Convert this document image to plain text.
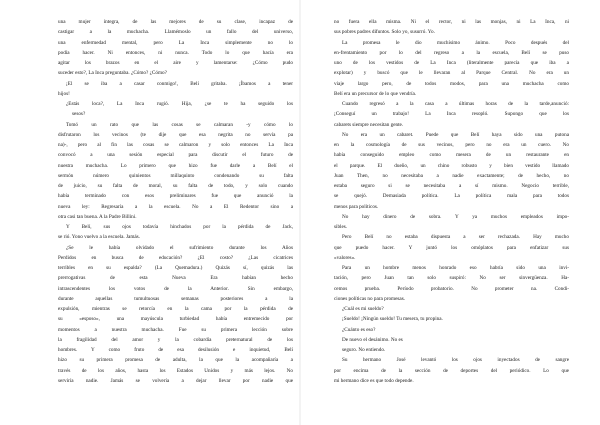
una mujer íntegra, de las mejores de su clase, incapaz de
castigar a la muchacha. Llamémoslo un fallo del universo,
una enfermedad mental, pero La Inca simplemente no lo
podía hacer. Ni entonces, ni nunca. Todo lo que hacía era
agitar los brazos en el aire y lamentarse: ¿Cómo pudo
suceder esto?, La Inca preguntaba. ¿Cómo? ¿Cómo?
¡El se iba a casar conmigo!, Belí gritaba. ¡Íbamos a tener
hijos!
¿Estás loca?, La Inca rugió. Hija, ¿se te ha seguido los
sesos?
Tomó un rato que las cosas se calmaran -y cómo lo
disfrutaron los vecinos (te dije que esa negrita no servía pa
na)-, pero al fin las cosas se calmaron y solo entonces La Inca
convocó a una sesión especial para discutir el futuro de
nuestra muchacha. Lo primero que hizo fue darle a Belí el
sermón número quinientos millaquinto condenando su falta
de juicio, su falta de moral, su falta de todo, y solo cuando
había terminado con esos preliminares fue que anunció la
nueva ley: Regresaría a la escuela. No a El Redentor sino a
otra casi tan buena. A la Padre Billini.
Y Belí, sus ojos todavía hinchados por la pérdida de Jack,
se rió. Yono vuelvo a la escuela. Jamás.
¿Se le había olvidado el sufrimiento durante los Años
Perdidos en busca de educación? ¿El costo? ¿Las cicatrices
terribles en su espalda? (La Quemadura.) Quizás sí, quizás las
prerrogativas de esta Nueva Era habían hecho
intrascendentes los votos de la Anterior. Sin embargo,
durante aquellas tumultuosas semanas posteriores a la
expulsión, mientras se retorcía en la cama por la pérdida de
su «esposo», una mayúscula turbiedad había entremecido por
momentos a nuestra muchacha. Fue su primera lección sobre
la fragilidad del amor y la cobardía preternatural de los
hombres. Y como fruto de esa desilusión e inquietud, Belí
hizo su primera promesa de adulta, la que la acompañaría a
través de los años, hasta los Estados Unidos y más lejos. No
serviría nadie. Jamás se volvería a dejar llevar por nadie que
no fuera ella misma. Ni el rector, ni las monjas, ni La Inca, ni
sus pobres padres difuntos. Solo yo, susurró. Yo.
La promesa le dio muchísimo ánimo. Poco después del
en-frentamiento por lo del regreso a la escuela, Belí se puso
uno de los vestidos de La Inca (literalmente parecía que iba a
explotar) y buscó que le llevaran al Parque Central. No era un
viaje largo pero, de todos modos, para una muchacha como
Belí era un precursor de lo que vendría.
Cuando regresó a la casa a últimas horas de la tarde,anunció:
¡Conseguí un trabajo! La Inca resopló. Supongo que los
cabarets siempre necesitan gente.
No era un cabaret. Puede que Belí haya sido una putona
en la cosmología de sus vecinos, pero no era un cuero. No
había conseguido empleo como mesera de un restaurante en
el parque. El dueño, un chino robusto y bien vestido llamado
Juan Then, no necesitaba a nadie exactamente; de hecho, no
estaba seguro si se necesitaba a sí mismo. Negocio terrible,
se quejó. Demasiada política. La política mala para todos
menos para políticos.
No hay dinero de sobra. Y ya muchos empleados impo-
sibles.
Pero Belí no estaba dispuesta a ser rechazada. Hay mucho
que puedo hacer. Y juntó los omóplatos para enfatizar sus
«valores».
Para un hombre menos honrado eso habría sido una invi-
tación, pero Juan tan solo suspiró: No ser sinvergüenza. Ha-
cemos prueba. Período probatorio. No prometer na. Condi-
ciones políticas no para promesas.
¿Cuál es mi sueldo?
¡Sueldo! ¡Ningún sueldo! Tu mesera, tu propina.
¿Cuánto es eso?
De nuevo el desánimo. No es
seguro. No entiendo.
Su hermano José levantó los ojos inyectados de sangre
por encima de la sección de deportes del periódico. Lo que
mi hermano dice es que todo depende.
